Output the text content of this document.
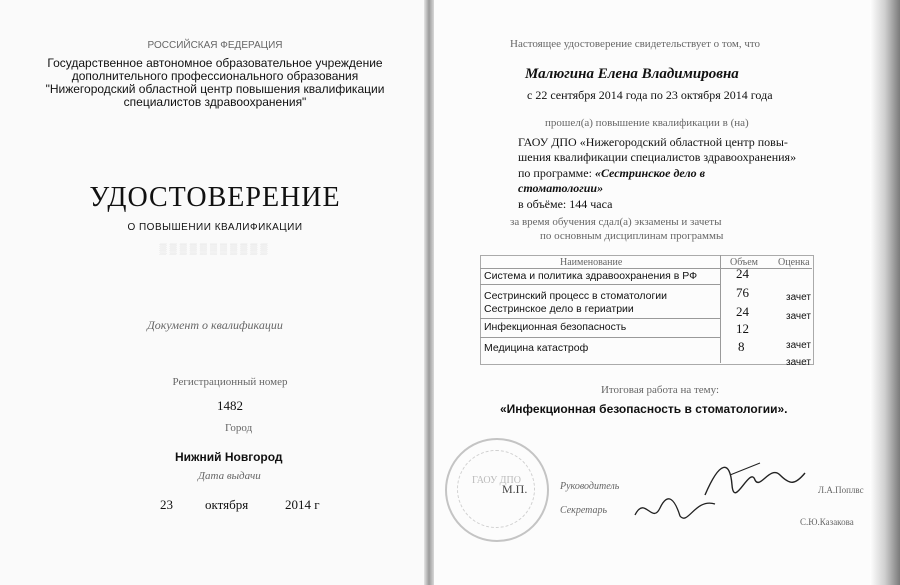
РОССИЙСКАЯ ФЕДЕРАЦИЯ
Государственное автономное образовательное учреждение
дополнительного профессионального образования
"Нижегородский областной центр повышения квалификации
специалистов здравоохранения"
УДОСТОВЕРЕНИЕ
О ПОВЫШЕНИИ КВАЛИФИКАЦИИ
▒▒▒▒▒▒▒▒▒▒▒
Документ о квалификации
Регистрационный номер
1482
Город
Нижний Новгород
Дата выдачи
23 октября	2014 г
Настоящее удостоверение свидетельствует о том, что
Малюгина Елена Владимировна
с 22 сентября 2014 года по 23 октября 2014 года
прошел(а) повышение квалификации в (на)
ГАОУ ДПО «Нижегородский областной центр повы-
шения квалификации специалистов здравоохранения»
по программе: «Сестринское дело в
стоматологии»
в объёме: 144 часа
за время обучения сдал(а) экзамены и зачеты
по основным дисциплинам программы
Наименование	Объем Оценка
Система и политика здравоохранения в РФ	24
Сестринский процесс в стоматологии	76	зачет
Сестринское дело в гериатрии	24	зачет
Инфекционная безопасность	12
Медицина катастроф	8	зачет
зачет
Итоговая работа на тему:
«Инфекционная безопасность в стоматологии».
ГАОУ ДПО
М.П.	Руководитель	Л.А.Поплвс
Секретарь
С.Ю.Казакова
